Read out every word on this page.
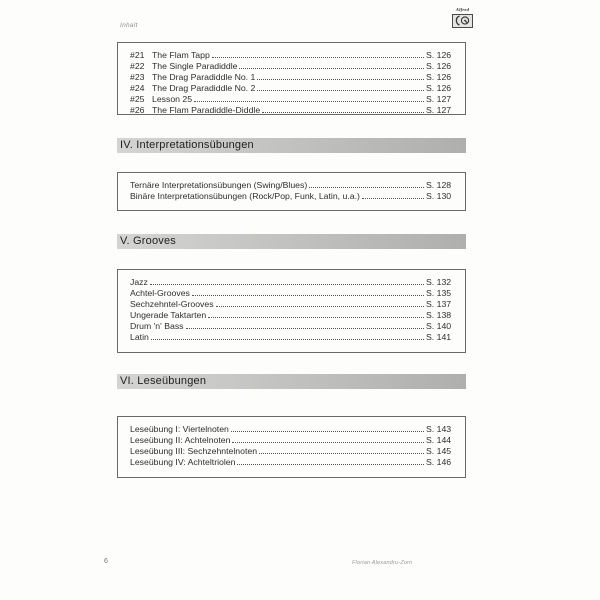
Inhalt
Alfred
#21 The Flam Tapp	S. 126
#22 The Single Paradiddle	S. 126
#23 The Drag Paradiddle No. 1	S. 126
#24 The Drag Paradiddle No. 2	S. 126
#25 Lesson 25	S. 127
#26 The Flam Paradiddle-Diddle	S. 127
IV. Interpretationsübungen
Ternäre Interpretationsübungen (Swing/Blues)	S. 128
Binäre Interpretationsübungen (Rock/Pop, Funk, Latin, u.a.)	S. 130
V. Grooves
Jazz	S. 132
Achtel-Grooves	S. 135
Sechzehntel-Grooves	S. 137
Ungerade Taktarten	S. 138
Drum 'n' Bass	S. 140
Latin	S. 141
VI. Leseübungen
Leseübung I: Viertelnoten	S. 143
Leseübung II: Achtelnoten	S. 144
Leseübung III: Sechzehntelnoten	S. 145
Leseübung IV: Achteltriolen	S. 146
6	Florian Alexandru-Zorn
